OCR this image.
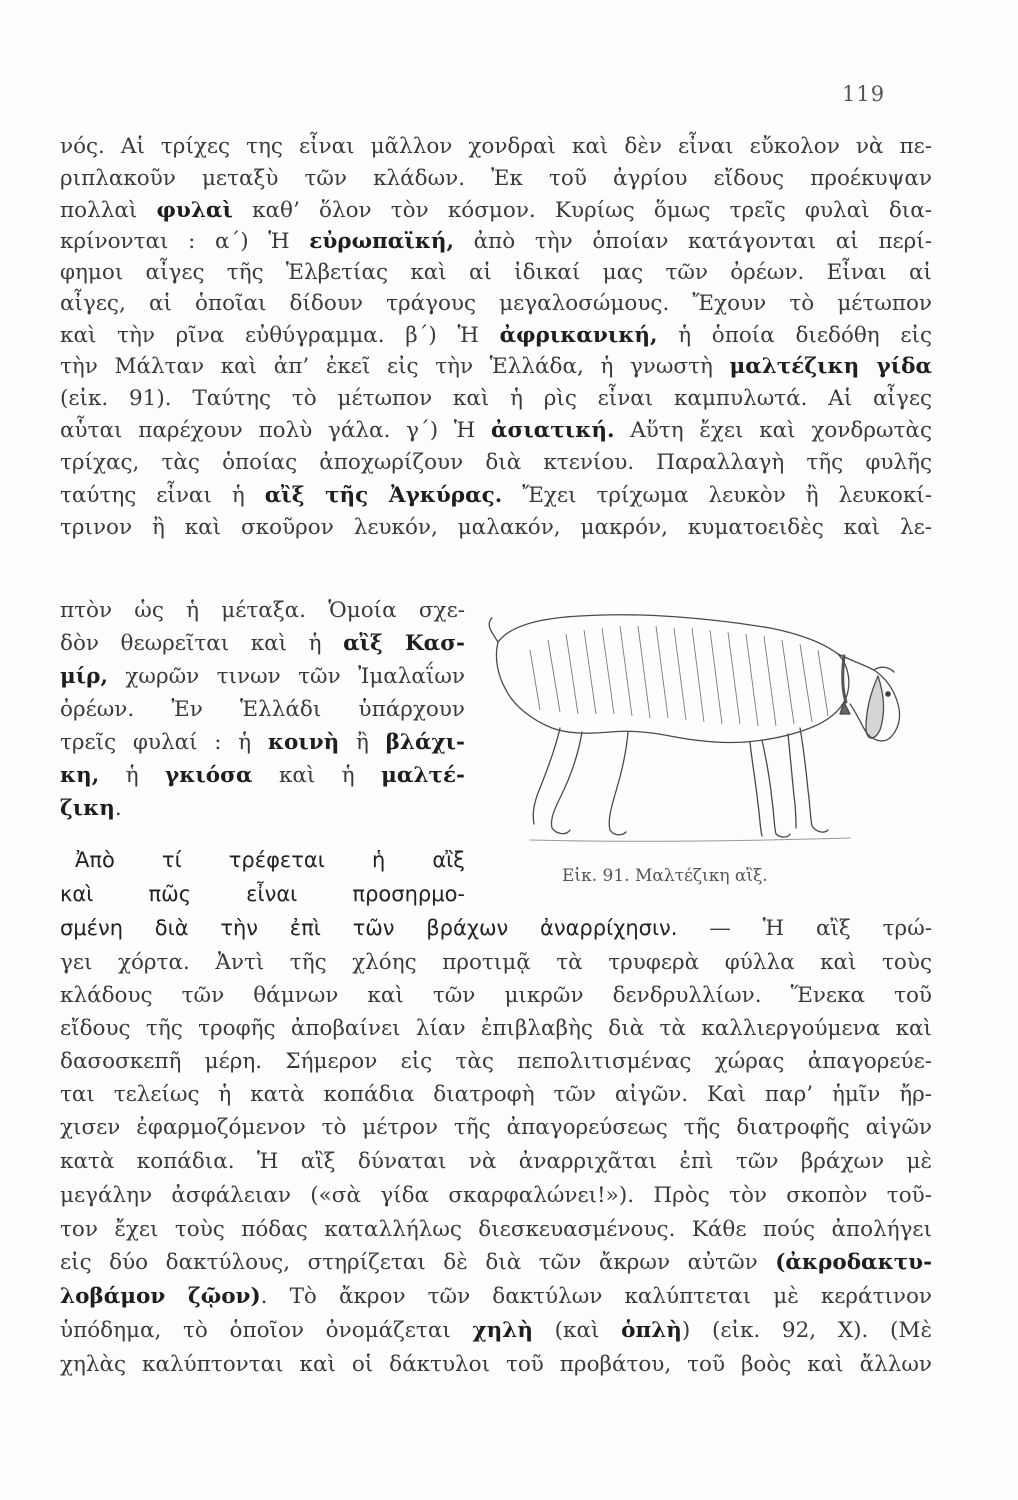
119
νός. Αἱ τρίχες της εἶναι μᾶλλον χονδραὶ καὶ δὲν εἶναι εὔκολον νὰ πε-
ριπλακοῦν μεταξὺ τῶν κλάδων. Ἐκ τοῦ ἀγρίου εἴδους προέκυψαν
πολλαὶ φυλαὶ καθ’ ὅλον τὸν κόσμον. Κυρίως ὅμως τρεῖς φυλαὶ δια-
κρίνονται : α΄) Ἡ εὐρωπαϊκή, ἀπὸ τὴν ὁποίαν κατάγονται αἱ περί-
φημοι αἶγες τῆς Ἑλβετίας καὶ αἱ ἰδικαί μας τῶν ὀρέων. Εἶναι αἱ
αἶγες, αἱ ὁποῖαι δίδουν τράγους μεγαλοσώμους. Ἔχουν τὸ μέτωπον
καὶ τὴν ρῖνα εὐθύγραμμα. β΄) Ἡ ἀφρικανική, ἡ ὁποία διεδόθη εἰς
τὴν Μάλταν καὶ ἀπ’ ἐκεῖ εἰς τὴν Ἑλλάδα, ἡ γνωστὴ μαλτέζικη γίδα
(εἰκ. 91). Ταύτης τὸ μέτωπον καὶ ἡ ρὶς εἶναι καμπυλωτά. Αἱ αἶγες
αὗται παρέχουν πολὺ γάλα. γ΄) Ἡ ἀσιατική. Αὕτη ἔχει καὶ χονδρωτὰς
τρίχας, τὰς ὁποίας ἀποχωρίζουν διὰ κτενίου. Παραλλαγὴ τῆς φυλῆς
ταύτης εἶναι ἡ αἲξ τῆς Ἀγκύρας. Ἔχει τρίχωμα λευκὸν ἢ λευκοκί-
τρινον ἢ καὶ σκοῦρον λευκόν, μαλακόν, μακρόν, κυματοειδὲς καὶ λε-
πτὸν ὡς ἡ μέταξα. Ὁμοία σχε-
δὸν θεωρεῖται καὶ ἡ αἲξ Κασ-
μίρ, χωρῶν τινων τῶν Ἰμαλαΐων
ὀρέων. Ἐν Ἑλλάδι ὑπάρχουν
τρεῖς φυλαί : ἡ κοινὴ ἢ βλάχι-
κη, ἡ γκιόσα καὶ ἡ μαλτέ-
ζικη.
Ἀπὸ τί τρέφεται ἡ αἲξ
καὶ πῶς εἶναι προσηρμο-
σμένη διὰ τὴν ἐπὶ τῶν βράχων ἀναρρίχησιν. — Ἡ αἲξ τρώ-
γει χόρτα. Ἀντὶ τῆς χλόης προτιμᾷ τὰ τρυφερὰ φύλλα καὶ τοὺς
κλάδους τῶν θάμνων καὶ τῶν μικρῶν δενδρυλλίων. Ἕνεκα τοῦ
εἴδους τῆς τροφῆς ἀποβαίνει λίαν ἐπιβλαβὴς διὰ τὰ καλλιεργούμενα καὶ
δασοσκεπῆ μέρη. Σήμερον εἰς τὰς πεπολιτισμένας χώρας ἀπαγορεύε-
ται τελείως ἡ κατὰ κοπάδια διατροφὴ τῶν αἰγῶν. Καὶ παρ’ ἡμῖν ἤρ-
χισεν ἐφαρμοζόμενον τὸ μέτρον τῆς ἀπαγορεύσεως τῆς διατροφῆς αἰγῶν
κατὰ κοπάδια. Ἡ αἲξ δύναται νὰ ἀναρριχᾶται ἐπὶ τῶν βράχων μὲ
μεγάλην ἀσφάλειαν («σὰ γίδα σκαρφαλώνει!»). Πρὸς τὸν σκοπὸν τοῦ-
τον ἔχει τοὺς πόδας καταλλήλως διεσκευασμένους. Κάθε πούς ἀπολήγει
εἰς δύο δακτύλους, στηρίζεται δὲ διὰ τῶν ἄκρων αὐτῶν (ἀκροδακτυ-
λοβάμον ζῷον). Τὸ ἄκρον τῶν δακτύλων καλύπτεται μὲ κεράτινον
ὑπόδημα, τὸ ὁποῖον ὀνομάζεται χηλὴ (καὶ ὁπλὴ) (εἰκ. 92, Χ). (Μὲ
χηλὰς καλύπτονται καὶ οἱ δάκτυλοι τοῦ προβάτου, τοῦ βοὸς καὶ ἄλλων
Εἰκ. 91. Μαλτέζικη αἲξ.
